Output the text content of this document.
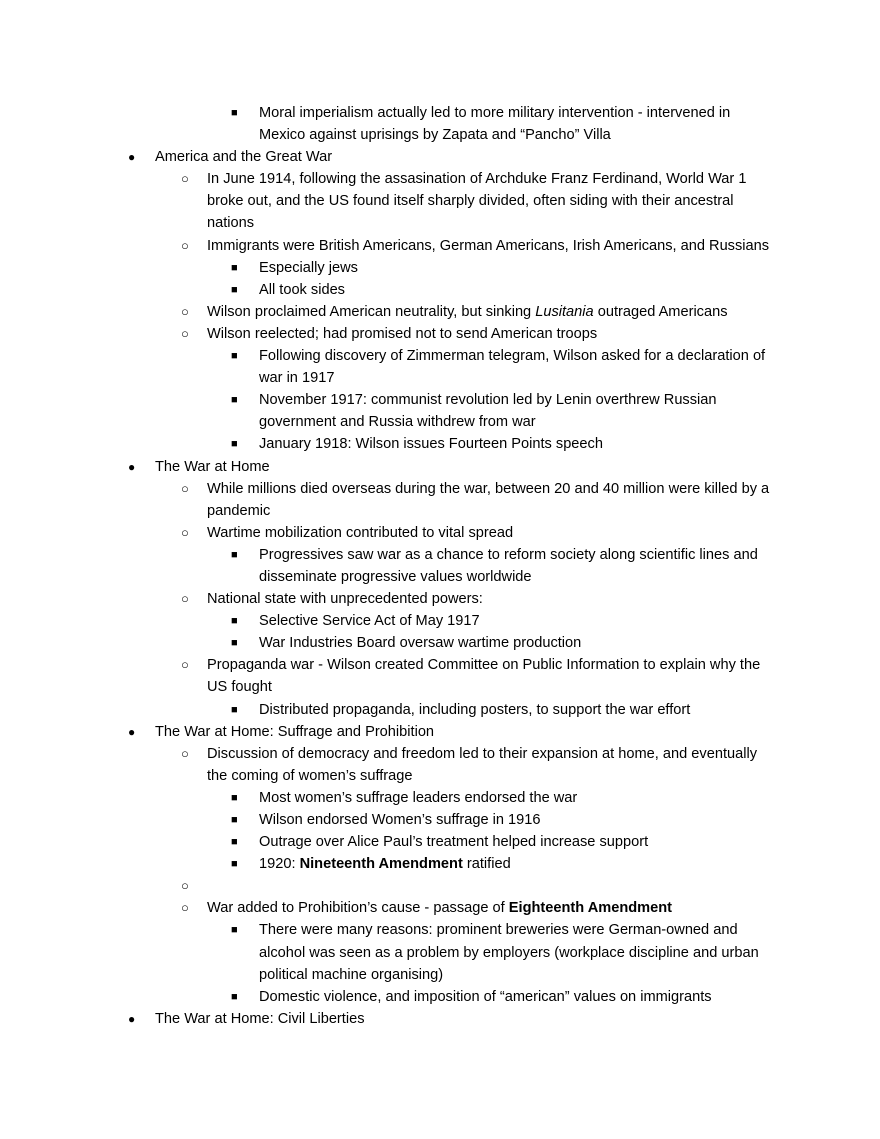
■ Moral imperialism actually led to more military intervention - intervened in Mexico against uprisings by Zapata and “Pancho” Villa
● America and the Great War
○ In June 1914, following the assasination of Archduke Franz Ferdinand, World War 1 broke out, and the US found itself sharply divided, often siding with their ancestral nations
○ Immigrants were British Americans, German Americans, Irish Americans, and Russians
■ Especially jews
■ All took sides
○ Wilson proclaimed American neutrality, but sinking Lusitania outraged Americans
○ Wilson reelected; had promised not to send American troops
■ Following discovery of Zimmerman telegram, Wilson asked for a declaration of war in 1917
■ November 1917: communist revolution led by Lenin overthrew Russian government and Russia withdrew from war
■ January 1918: Wilson issues Fourteen Points speech
● The War at Home
○ While millions died overseas during the war, between 20 and 40 million were killed by a pandemic
○ Wartime mobilization contributed to vital spread
■ Progressives saw war as a chance to reform society along scientific lines and disseminate progressive values worldwide
○ National state with unprecedented powers:
■ Selective Service Act of May 1917
■ War Industries Board oversaw wartime production
○ Propaganda war - Wilson created Committee on Public Information to explain why the US fought
■ Distributed propaganda, including posters, to support the war effort
● The War at Home: Suffrage and Prohibition
○ Discussion of democracy and freedom led to their expansion at home, and eventually the coming of women’s suffrage
■ Most women’s suffrage leaders endorsed the war
■ Wilson endorsed Women’s suffrage in 1916
■ Outrage over Alice Paul’s treatment helped increase support
■ 1920: Nineteenth Amendment ratified
○

○ War added to Prohibition’s cause - passage of Eighteenth Amendment
■ There were many reasons: prominent breweries were German-owned and alcohol was seen as a problem by employers (workplace discipline and urban political machine organising)
■ Domestic violence, and imposition of “american” values on immigrants
● The War at Home: Civil Liberties
